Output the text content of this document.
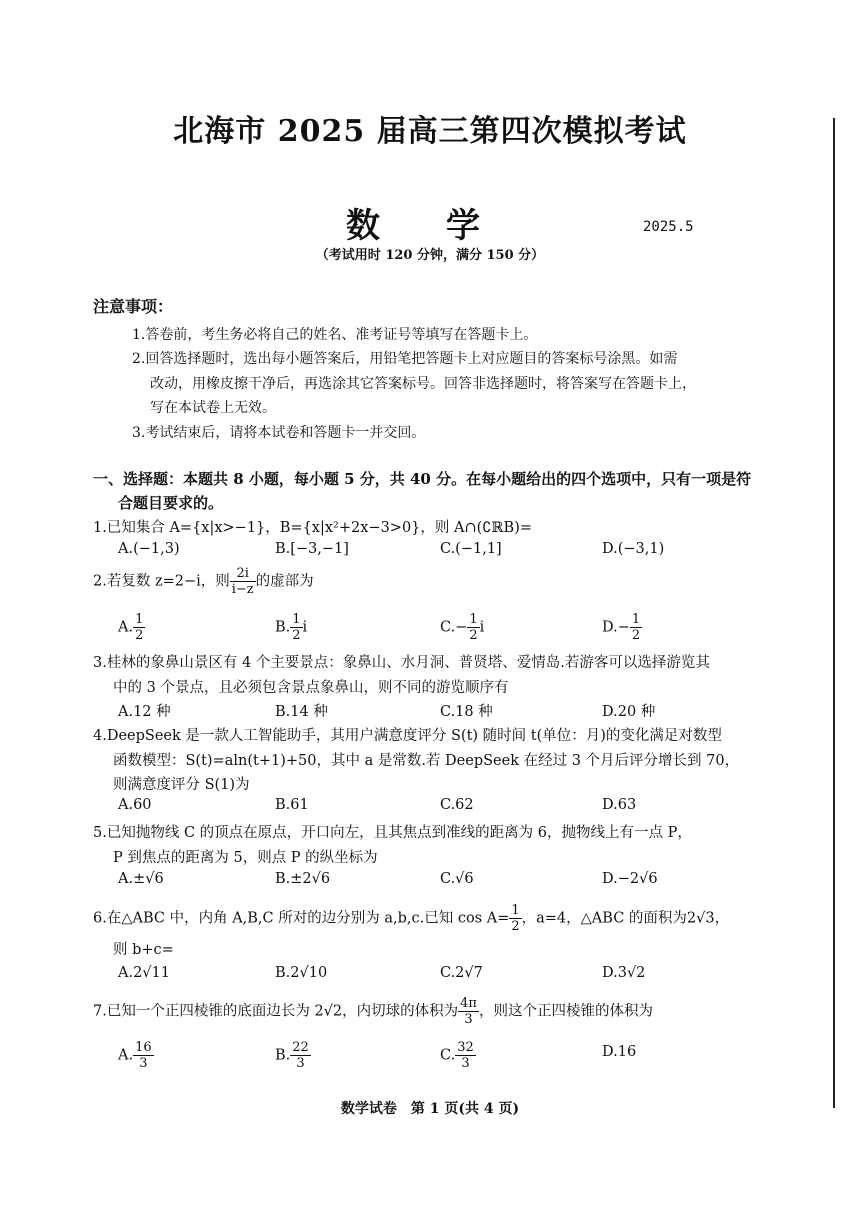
北海市 2025 届高三第四次模拟考试
数 学	2025.5
（考试用时 120 分钟，满分 150 分）
注意事项：
1.答卷前，考生务必将自己的姓名、准考证号等填写在答题卡上。
2.回答选择题时，选出每小题答案后，用铅笔把答题卡上对应题目的答案标号涂黑。如需
改动，用橡皮擦干净后，再选涂其它答案标号。回答非选择题时，将答案写在答题卡上，
写在本试卷上无效。
3.考试结束后，请将本试卷和答题卡一并交回。
一、选择题：本题共 8 小题，每小题 5 分，共 40 分。在每小题给出的四个选项中，只有一项是符
合题目要求的。
1.已知集合 A={x|x>−1}，B={x|x²+2x−3>0}，则 A∩(∁ℝB)=
A.(−1,3)	B.[−3,−1]	C.(−1,1]	D.(−3,1)
2.若复数 z=2−i，则 $\frac{2i}{i-z}$ 的虚部为
A. $\frac{1}{2}$	B. $\frac{1}{2}$ i	$C.- \frac{1}{2}$ i	$D.- \frac{1}{2}$
3.桂林的象鼻山景区有 4 个主要景点：象鼻山、水月洞、普贤塔、爱情岛.若游客可以选择游览其
中的 3 个景点，且必须包含景点象鼻山，则不同的游览顺序有
A.12 种	B.14 种	C.18 种	D.20 种
4.DeepSeek 是一款人工智能助手，其用户满意度评分 S(t) 随时间 t(单位：月)的变化满足对数型
函数模型：S(t)=aln(t+1)+50，其中 a 是常数.若 DeepSeek 在经过 3 个月后评分增长到 70，
则满意度评分 S(1)为
A.60	B.61	C.62	D.63
5.已知抛物线 C 的顶点在原点，开口向左，且其焦点到准线的距离为 6，抛物线上有一点 P，
P 到焦点的距离为 5，则点 P 的纵坐标为
A.±√6	B.±2√6	C.√6	D.−2√6
6.在△ABC 中，内角 A,B,C 所对的边分别为 a,b,c.已知 $\cos A= \frac{1}{2}$ ，a=4，△ABC 的面积为2√3，
则 b+c=
A.2√11	B.2√10	C.2√7	D.3√2
7.已知一个正四棱锥的底面边长为 2√2，内切球的体积为 $\frac{4\pi}{3}$ ，则这个正四棱锥的体积为
A. $\frac{16}{3}$	B. $\frac{22}{3}$	C. $\frac{32}{3}$	D.16
数学试卷　第 1 页(共 4 页)
